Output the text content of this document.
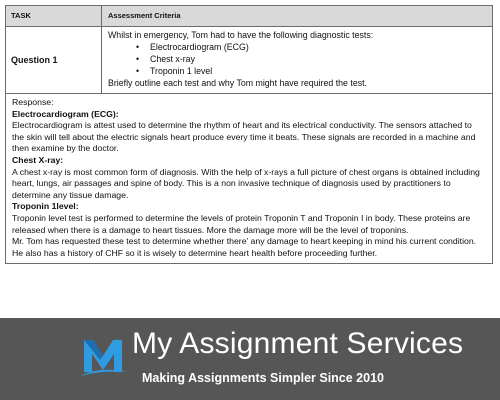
TASK	Assessment Criteria
Question 1
Whilst in emergency, Tom had to have the following diagnostic tests:
• Electrocardiogram (ECG)
• Chest x-ray
• Troponin 1 level
Briefly outline each test and why Tom might have required the test.

Response:

Electrocardiogram (ECG):

Electrocardiogram is attest used to determine the rhythm of heart and its electrical conductivity. The sensors attached to the skin will tell about the electric signals heart produce every time it beats. These signals are recorded in a machine and then examine by the doctor.

Chest X-ray:

A chest x-ray is most common form of diagnosis. With the help of x-rays a full picture of chest organs is obtained including heart, lungs, air passages and spine of body. This is a non invasive technique of diagnosis used by practitioners to determine any tissue damage.

Troponin 1level:

Troponin level test is performed to determine the levels of protein Troponin T and Troponin I in body. These proteins are released when there is a damage to heart tissues. More the damage more will be the level of troponins.

Mr. Tom has requested these test to determine whether there’ any damage to heart keeping in mind his current condition. He also has a history of CHF so it is wisely to determine heart health before proceeding further.

My Assignment Services
Making Assignments Simpler Since 2010
